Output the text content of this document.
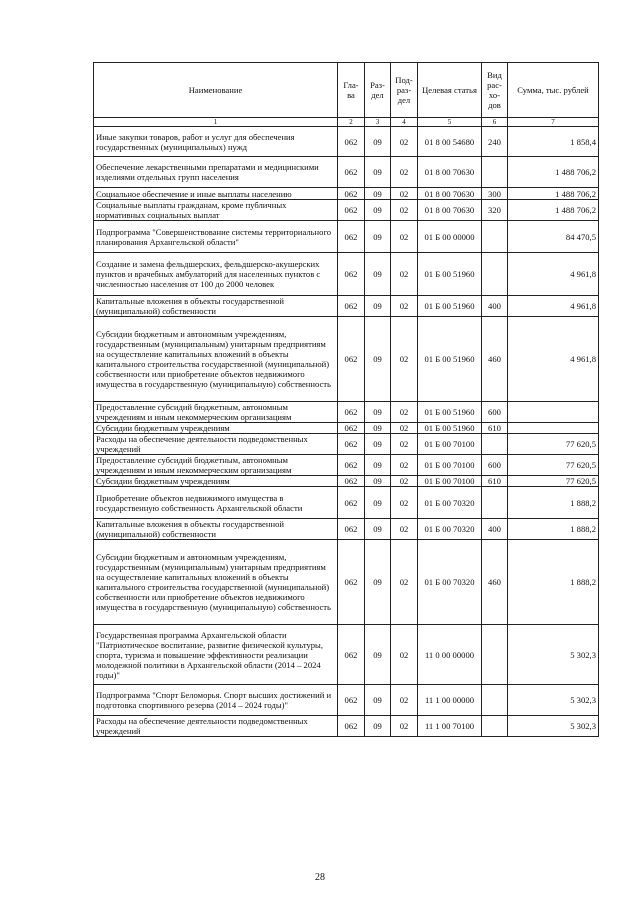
Наименование	Гла- ва	Раз- дел	Под- раз- дел	Целевая статья	Вид рас- хо- дов	Сумма, тыс. рублей
1	2	3	4	5	6	7
Иные закупки товаров, работ и услуг для обеспечения государственных (муниципальных) нужд	062	09	02	01 8 00 54680	240	1 858,4
Обеспечение лекарственными препаратами и медицинскими изделиями отдельных групп населения	062	09	02	01 8 00 70630		1 488 706,2
Социальное обеспечение и иные выплаты населению	062	09	02	01 8 00 70630	300	1 488 706,2
Социальные выплаты гражданам, кроме публичных нормативных социальных выплат	062	09	02	01 8 00 70630	320	1 488 706,2
Подпрограмма "Совершенствование системы территориального планирования Архангельской области"	062	09	02	01 Б 00 00000		84 470,5
Создание и замена фельдшерских, фельдшерско-акушерских пунктов и врачебных амбулаторий для населенных пунктов с численностью населения от 100 до 2000 человек	062	09	02	01 Б 00 51960		4 961,8
Капитальные вложения в объекты государственной (муниципальной) собственности	062	09	02	01 Б 00 51960	400	4 961,8
Субсидии бюджетным и автономным учреждениям, государственным (муниципальным) унитарным предприятиям на осуществление капитальных вложений в объекты капитального строительства государственной (муниципальной) собственности или приобретение объектов недвижимого имущества в государственную (муниципальную) собственность	062	09	02	01 Б 00 51960	460	4 961,8
Предоставление субсидий бюджетным, автономным учреждениям и иным некоммерческим организациям	062	09	02	01 Б 00 51960	600	
Субсидии бюджетным учреждениям	062	09	02	01 Б 00 51960	610	
Расходы на обеспечение деятельности подведомственных учреждений	062	09	02	01 Б 00 70100		77 620,5
Предоставление субсидий бюджетным, автономным учреждениям и иным некоммерческим организациям	062	09	02	01 Б 00 70100	600	77 620,5
Субсидии бюджетным учреждениям	062	09	02	01 Б 00 70100	610	77 620,5
Приобретение объектов недвижимого имущества в государственную собственность Архангельской области	062	09	02	01 Б 00 70320		1 888,2
Капитальные вложения в объекты государственной (муниципальной) собственности	062	09	02	01 Б 00 70320	400	1 888,2
Субсидии бюджетным и автономным учреждениям, государственным (муниципальным) унитарным предприятиям на осуществление капитальных вложений в объекты капитального строительства государственной (муниципальной) собственности или приобретение объектов недвижимого имущества в государственную (муниципальную) собственность	062	09	02	01 Б 00 70320	460	1 888,2
Государственная программа Архангельской области "Патриотическое воспитание, развитие физической культуры, спорта, туризма и повышение эффективности реализации молодежной политики в Архангельской области (2014 – 2024 годы)"	062	09	02	11 0 00 00000		5 302,3
Подпрограмма "Спорт Беломорья. Спорт высших достижений и подготовка спортивного резерва (2014 – 2024 годы)"	062	09	02	11 1 00 00000		5 302,3
Расходы на обеспечение деятельности подведомственных учреждений	062	09	02	11 1 00 70100		5 302,3
28
